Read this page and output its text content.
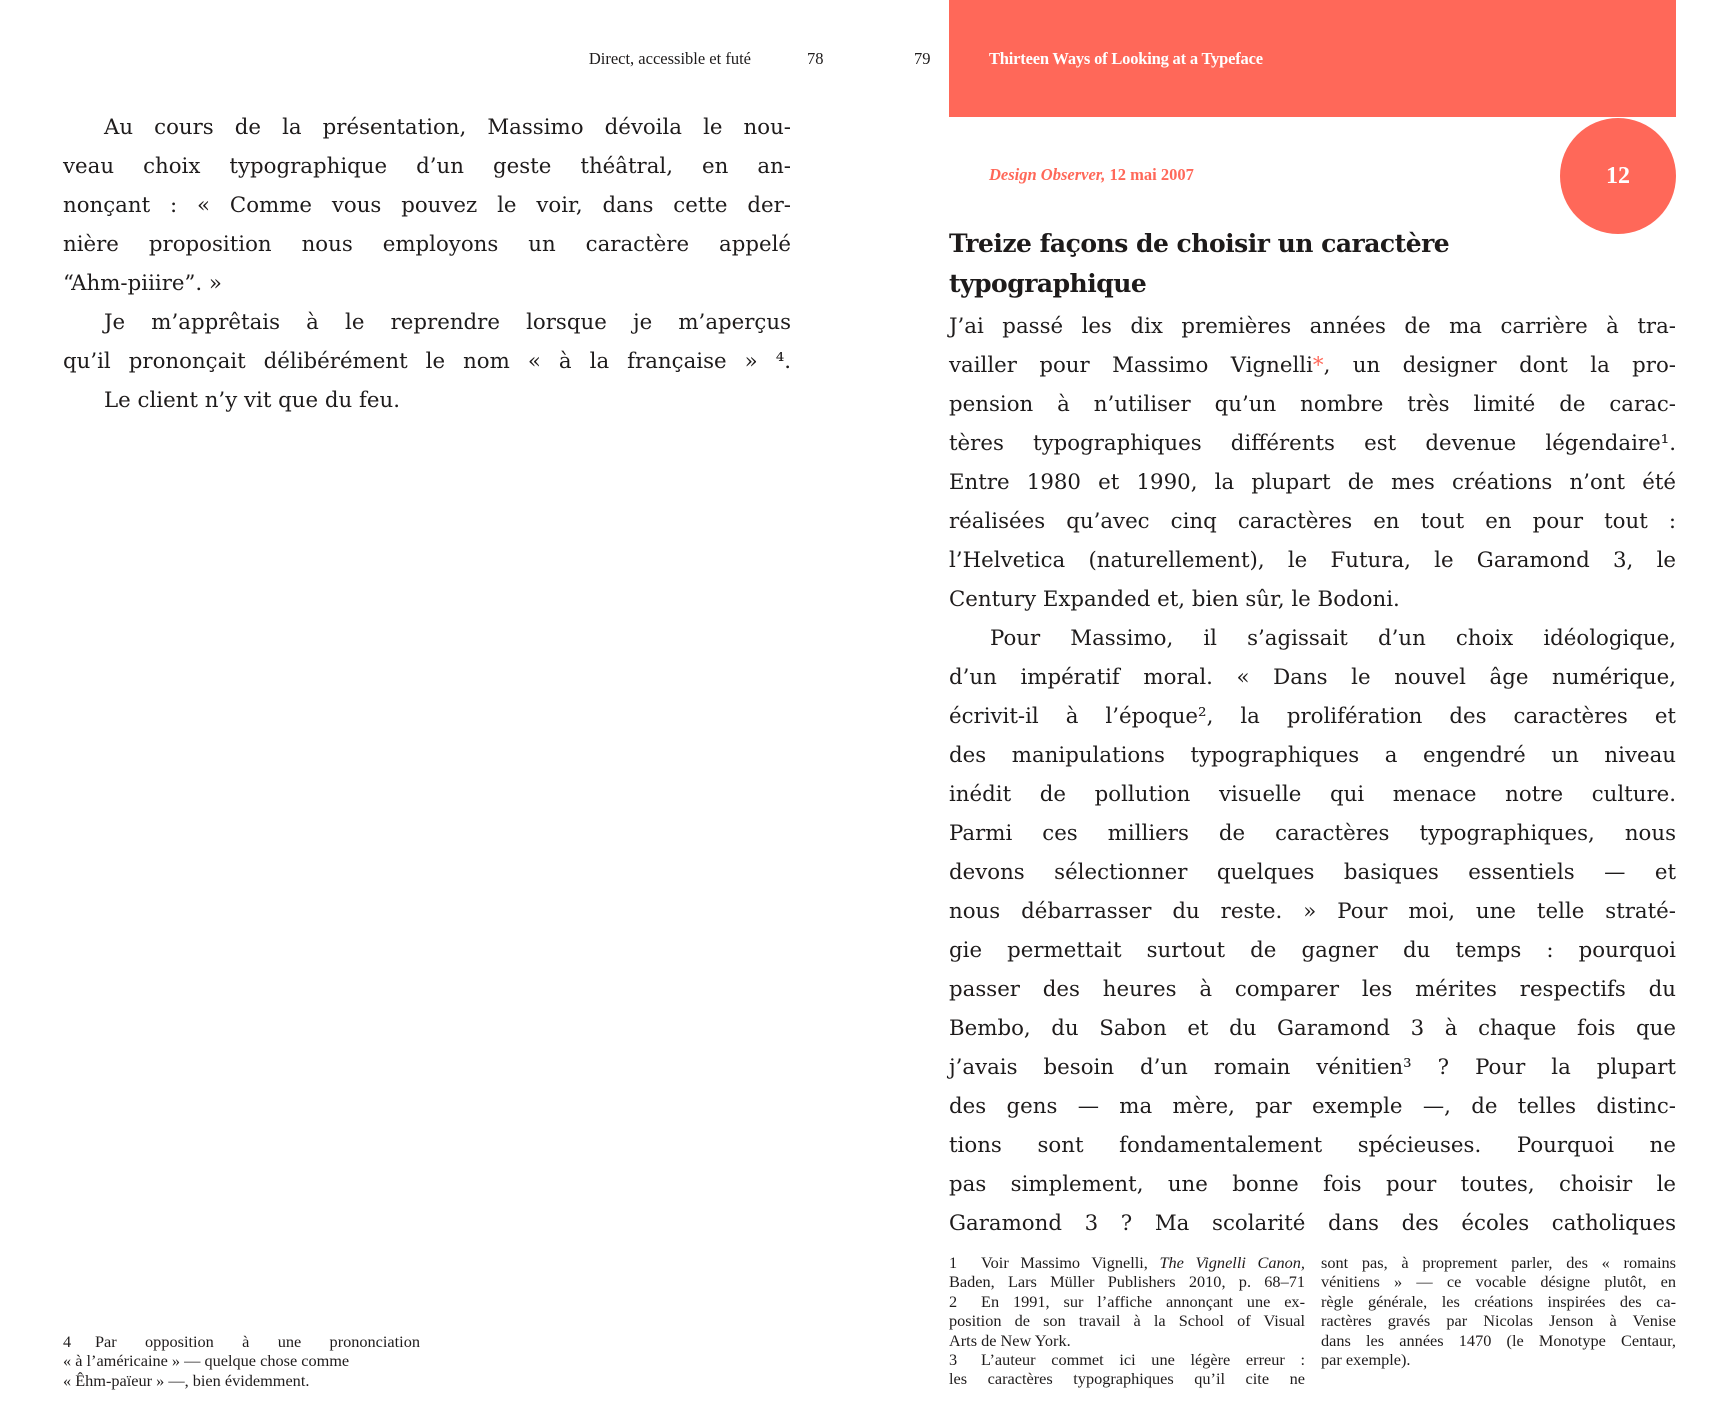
Direct, accessible et futé	78	79	Thirteen Ways of Looking at a Typeface
12
Design Observer, 12 mai 2007
Treize façons de choisir un caractère
typographique
Au cours de la présentation, Massimo dévoila le nou-
veau choix typographique d’un geste théâtral, en an-
nonçant : « Comme vous pouvez le voir, dans cette der-
nière proposition nous employons un caractère appelé
“Ahm-piiire”. »
Je m’apprêtais à le reprendre lorsque je m’aperçus
qu’il prononçait délibérément le nom « à la française » ⁴.
Le client n’y vit que du feu.
J’ai passé les dix premières années de ma carrière à tra-
vailler pour Massimo Vignelli*, un designer dont la pro-
pension à n’utiliser qu’un nombre très limité de carac-
tères typographiques différents est devenue légendaire¹.
Entre 1980 et 1990, la plupart de mes créations n’ont été
réalisées qu’avec cinq caractères en tout en pour tout :
l’Helvetica (naturellement), le Futura, le Garamond 3, le
Century Expanded et, bien sûr, le Bodoni.
Pour Massimo, il s’agissait d’un choix idéologique,
d’un impératif moral. « Dans le nouvel âge numérique,
écrivit-il à l’époque², la prolifération des caractères et
des manipulations typographiques a engendré un niveau
inédit de pollution visuelle qui menace notre culture.
Parmi ces milliers de caractères typographiques, nous
devons sélectionner quelques basiques essentiels — et
nous débarrasser du reste. » Pour moi, une telle straté-
gie permettait surtout de gagner du temps : pourquoi
passer des heures à comparer les mérites respectifs du
Bembo, du Sabon et du Garamond 3 à chaque fois que
j’avais besoin d’un romain vénitien³ ? Pour la plupart
des gens — ma mère, par exemple —, de telles distinc-
tions sont fondamentalement spécieuses. Pourquoi ne
pas simplement, une bonne fois pour toutes, choisir le
Garamond 3 ? Ma scolarité dans des écoles catholiques
4 Par opposition à une prononciation
« à l’américaine » — quelque chose comme
« Êhm-païeur » —, bien évidemment.
1 Voir Massimo Vignelli, The Vignelli Canon,
Baden, Lars Müller Publishers 2010, p. 68–71
2 En 1991, sur l’affiche annonçant une ex-
position de son travail à la School of Visual
Arts de New York.
3 L’auteur commet ici une légère erreur :
les caractères typographiques qu’il cite ne
sont pas, à proprement parler, des « romains
vénitiens » — ce vocable désigne plutôt, en
règle générale, les créations inspirées des ca-
ractères gravés par Nicolas Jenson à Venise
dans les années 1470 (le Monotype Centaur,
par exemple).
